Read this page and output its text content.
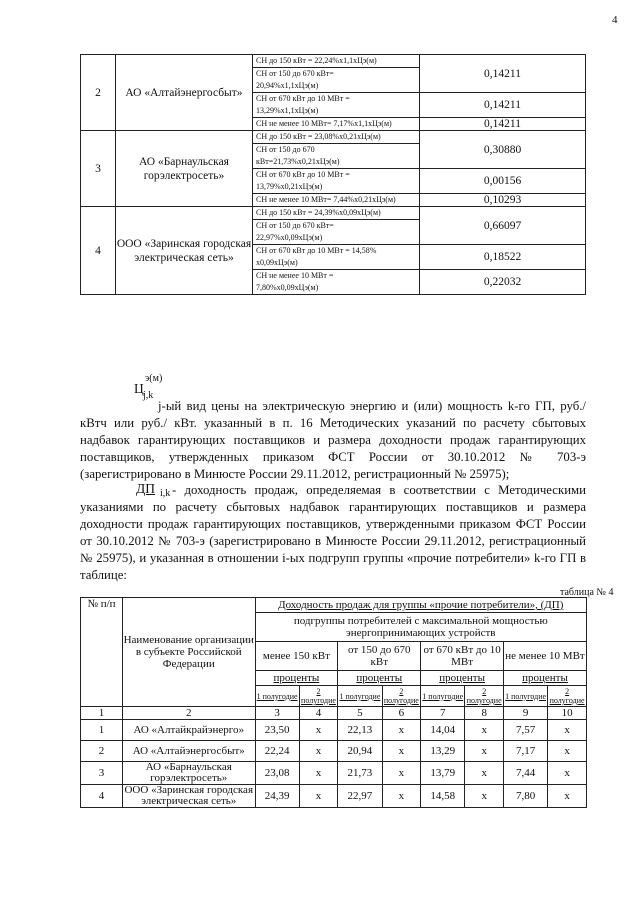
4
2	АО «Алтайэнергосбыт»	СН до 150 кВт = 22,24%х1,1хЦэ(м)	0,14211

		СН от 150 до 670 кВт=
20,94%х1,1хЦэ(м)	

		СН от 670 кВт до 10 МВт =
13,29%х1,1хЦэ(м)	0,14211

		СН не менее 10 МВт= 7,17%х1,1хЦэ(м)	0,14211
3	АО «Барнаульская горэлектросеть»	СН до 150 кВт = 23,08%х0,21хЦэ(м)	0,30880

		СН от 150 до 670
кВт=21,73%х0,21хЦэ(м)	

		СН от 670 кВт до 10 МВт =
13,79%х0,21хЦэ(м)	0,00156

		СН не менее 10 МВт= 7,44%х0,21хЦэ(м)	0,10293
4	ООО «Заринская городская электрическая сеть»	СН до 150 кВт = 24,39%х0,09хЦэ(м)	0,66097

		СН от 150 до 670 кВт=
22,97%х0,09хЦэ(м)	

		СН от 670 кВт до 10 МВт = 14,58%
х0,09хЦэ(м)	0,18522

		СН не менее 10 МВт =
7,80%х0,09хЦэ(м)	0,22032
Ц
э(м)
j,k
j-ый вид цены на электрическую энергию и (или) мощность k-го ГП, руб./ кВтч или руб./ кВт. указанный в п. 16 Методических указаний по расчету сбытовых надбавок гарантирующих поставщиков и размера доходности продаж гарантирующих поставщиков, утвержденных приказом ФСТ России от 30.10.2012 № 703-э (зарегистрировано в Минюсте России 29.11.2012, регистрационный № 25975);
ДП i,k - доходность продаж, определяемая в соответствии с Методическими указаниями по расчету сбытовых надбавок гарантирующих поставщиков и размера доходности продаж гарантирующих поставщиков, утвержденными приказом ФСТ России от 30.10.2012 № 703-э (зарегистрировано в Минюсте России 29.11.2012, регистрационный № 25975), и указанная в отношении i-ых подгрупп группы «прочие потребители» k-го ГП в таблице:
таблица № 4
№ п/п	Наименование организации в субъекте Российской Федерации	Доходность продаж для группы «прочие потребители», (ДП)							
		подгруппы потребителей с максимальной мощностью энергопринимающих устройств							
		менее 150 кВт		от 150 до 670 кВт		от 670 кВт до 10 МВт		не менее 10 МВт	
		проценты		проценты		проценты		проценты	
		1 полугодие	2 полугодие	1 полугодие	2 полугодие	1 полугодие	2 полугодие	1 полугодие	2 полугодие
1	2	3	4	5	6	7	8	9	10
1	АО «Алтайкрайэнерго»	23,50	х	22,13	х	14,04	х	7,57	х
2	АО «Алтайэнергосбыт»	22,24	х	20,94	х	13,29	х	7,17	х
3	АО «Барнаульская горэлектросеть»	23,08	х	21,73	х	13,79	х	7,44	х
4	ООО «Заринская городская электрическая сеть»	24,39	х	22,97	х	14,58	х	7,80	х
